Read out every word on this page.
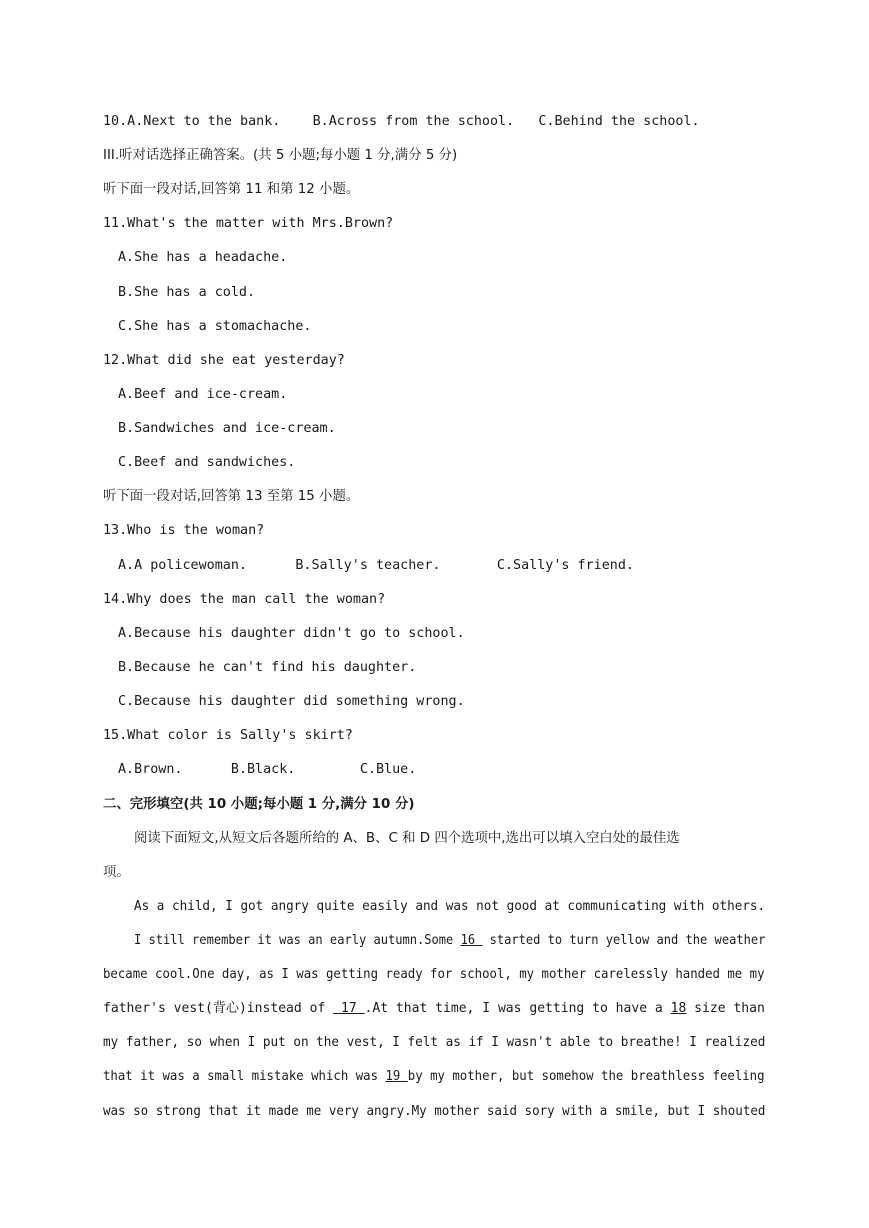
10.A.Next to the bank.    B.Across from the school.   C.Behind the school.
III.听对话选择正确答案。(共 5 小题;每小题 1 分,满分 5 分)
听下面一段对话,回答第 11 和第 12 小题。
11.What's the matter with Mrs.Brown?
A.She has a headache.
B.She has a cold.
C.She has a stomachache.
12.What did she eat yesterday?
A.Beef and ice-cream.
B.Sandwiches and ice-cream.
C.Beef and sandwiches.
听下面一段对话,回答第 13 至第 15 小题。
13.Who is the woman?
A.A policewoman.      B.Sally's teacher.       C.Sally's friend.
14.Why does the man call the woman?
A.Because his daughter didn't go to school.
B.Because he can't find his daughter.
C.Because his daughter did something wrong.
15.What color is Sally's skirt?
A.Brown.      B.Black.        C.Blue.
二、完形填空(共 10 小题;每小题 1 分,满分 10 分)
阅读下面短文,从短文后各题所给的 A、B、C 和 D 四个选项中,选出可以填入空白处的最佳选
项。
As a child, I got angry quite easily and was not good at communicating with others.
I still remember it was an early autumn.Some 16  started to turn yellow and the weather
became cool.One day, as I was getting ready for school, my mother carelessly handed me my
father's vest(背心)instead of  17 .At that time, I was getting to have a 18 size than
my father, so when I put on the vest, I felt as if I wasn't able to breathe! I realized
that it was a small mistake which was 19 by my mother, but somehow the breathless feeling
was so strong that it made me very angry.My mother said sory with a smile, but I shouted
